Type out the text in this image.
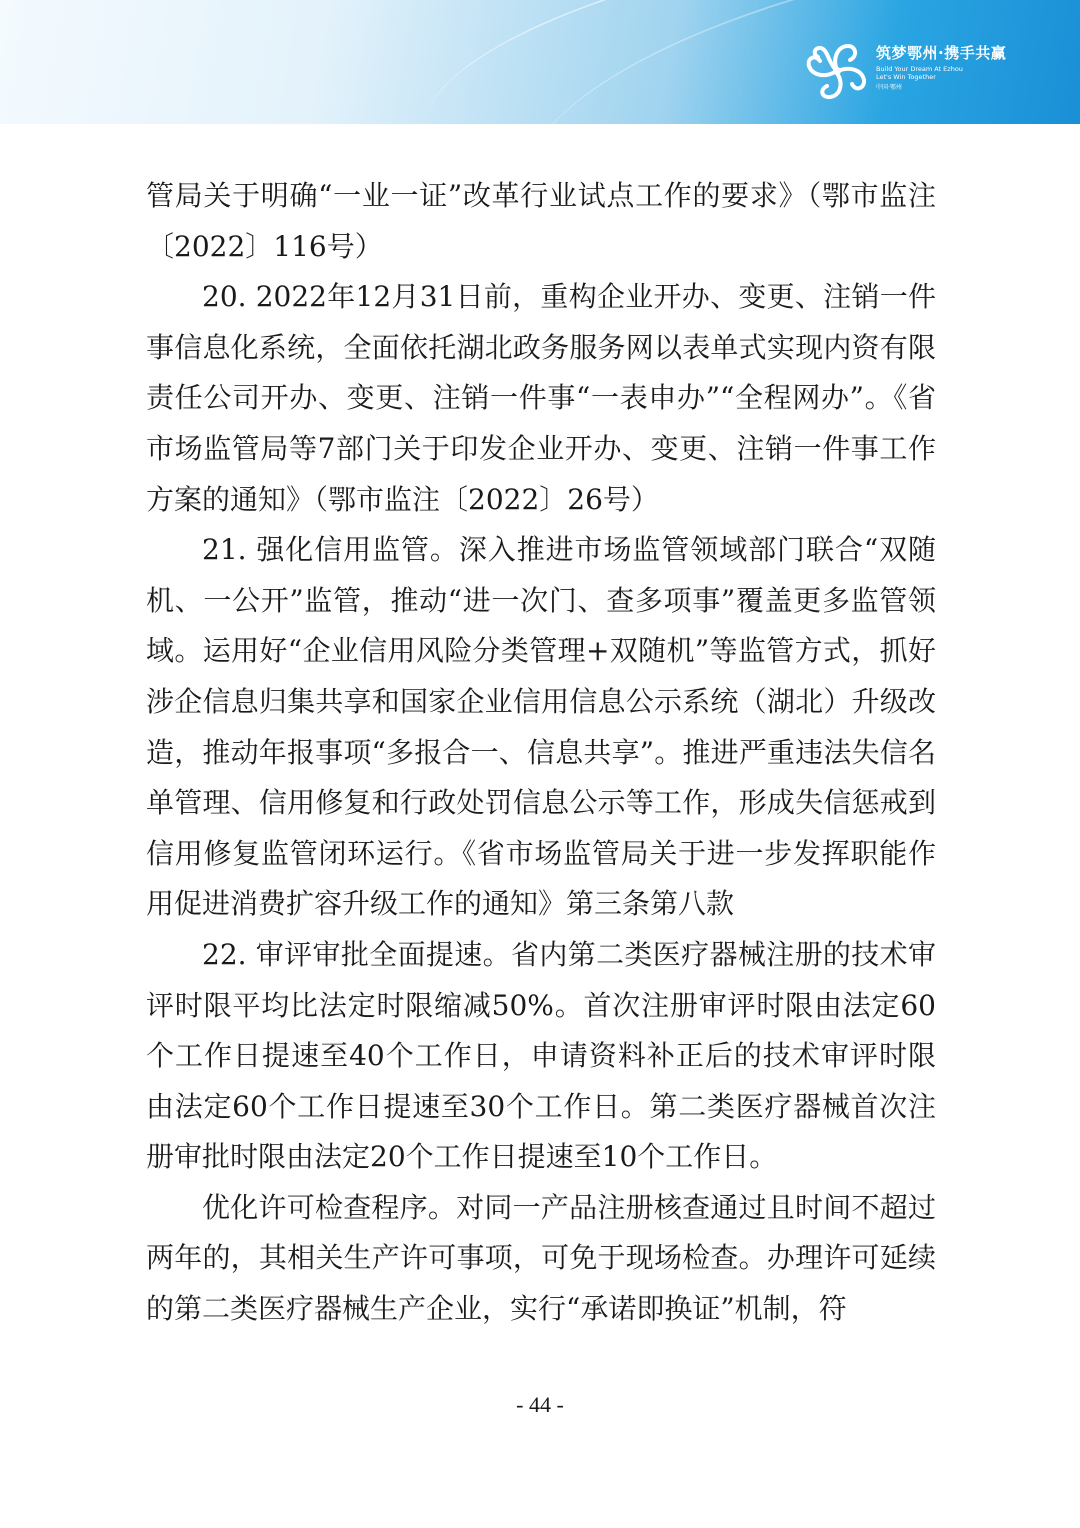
筑梦鄂州·携手共赢
Build Your Dream At Ezhou
Let's Win Together
中国·鄂州

管局关于明确“一业一证”改革行业试点工作的要求》（鄂市监注〔2022〕116号）

20. 2022年12月31日前，重构企业开办、变更、注销一件事信息化系统，全面依托湖北政务服务网以表单式实现内资有限责任公司开办、变更、注销一件事“一表申办”“全程网办”。《省市场监管局等7部门关于印发企业开办、变更、注销一件事工作方案的通知》（鄂市监注〔2022〕26号）

21. 强化信用监管。深入推进市场监管领域部门联合“双随机、一公开”监管，推动“进一次门、查多项事”覆盖更多监管领域。运用好“企业信用风险分类管理+双随机”等监管方式，抓好涉企信息归集共享和国家企业信用信息公示系统（湖北）升级改造，推动年报事项“多报合一、信息共享”。推进严重违法失信名单管理、信用修复和行政处罚信息公示等工作，形成失信惩戒到信用修复监管闭环运行。《省市场监管局关于进一步发挥职能作用促进消费扩容升级工作的通知》第三条第八款

22. 审评审批全面提速。省内第二类医疗器械注册的技术审评时限平均比法定时限缩减50%。首次注册审评时限由法定60个工作日提速至40个工作日，申请资料补正后的技术审评时限由法定60个工作日提速至30个工作日。第二类医疗器械首次注册审批时限由法定20个工作日提速至10个工作日。

优化许可检查程序。对同一产品注册核查通过且时间不超过两年的，其相关生产许可事项，可免于现场检查。办理许可延续的第二类医疗器械生产企业，实行“承诺即换证”机制，符

- 44 -
